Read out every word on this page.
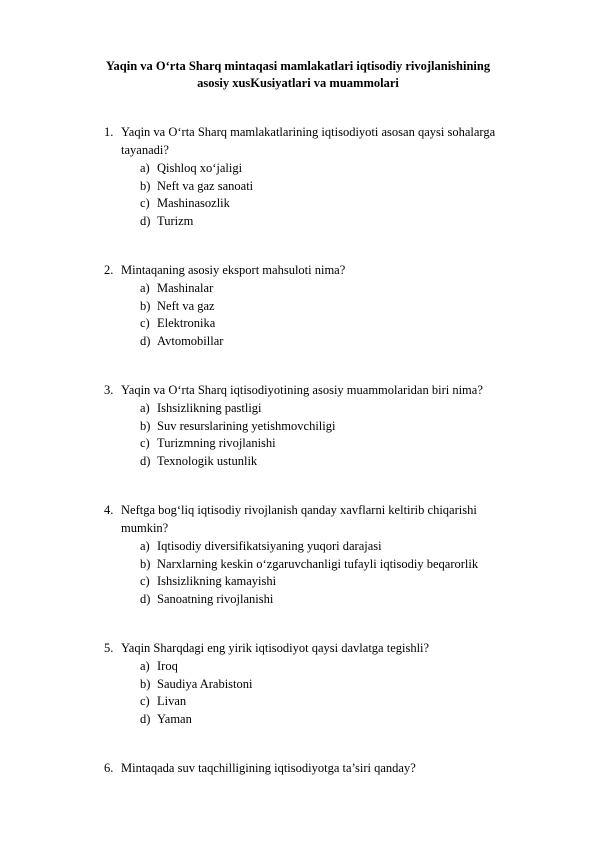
Yaqin va O‘rta Sharq mintaqasi mamlakatlari iqtisodiy rivojlanishining
asosiy xusKusiyatlari va muammolari
1. Yaqin va O‘rta Sharq mamlakatlarining iqtisodiyoti asosan qaysi sohalarga
tayanadi?
a) Qishloq xo‘jaligi
b) Neft va gaz sanoati
c) Mashinasozlik
d) Turizm
2. Mintaqaning asosiy eksport mahsuloti nima?
a) Mashinalar
b) Neft va gaz
c) Elektronika
d) Avtomobillar
3. Yaqin va O‘rta Sharq iqtisodiyotining asosiy muammolaridan biri nima?
a) Ishsizlikning pastligi
b) Suv resurslarining yetishmovchiligi
c) Turizmning rivojlanishi
d) Texnologik ustunlik
4. Neftga bog‘liq iqtisodiy rivojlanish qanday xavflarni keltirib chiqarishi
mumkin?
a) Iqtisodiy diversifikatsiyaning yuqori darajasi
b) Narxlarning keskin o‘zgaruvchanligi tufayli iqtisodiy beqarorlik
c) Ishsizlikning kamayishi
d) Sanoatning rivojlanishi
5. Yaqin Sharqdagi eng yirik iqtisodiyot qaysi davlatga tegishli?
a) Iroq
b) Saudiya Arabistoni
c) Livan
d) Yaman
6. Mintaqada suv taqchilligining iqtisodiyotga ta’siri qanday?
